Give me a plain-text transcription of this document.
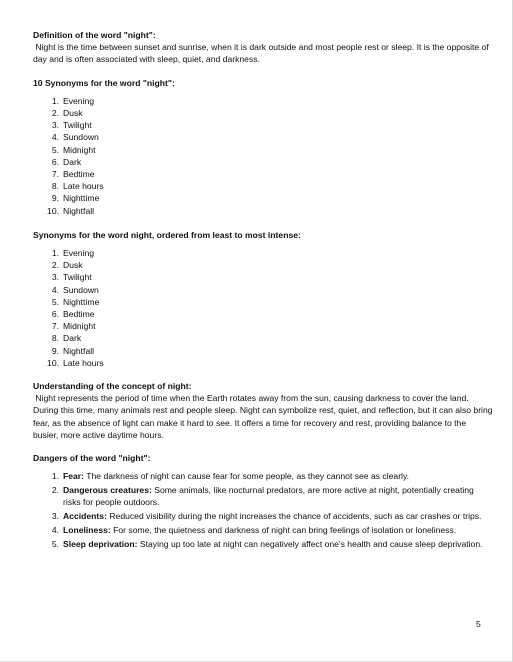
Definition of the word "night":

Night is the time between sunset and sunrise, when it is dark outside and most people rest or sleep. It is the opposite of day and is often associated with sleep, quiet, and darkness.

10 Synonyms for the word "night":
1. Evening
2. Dusk
3. Twilight
4. Sundown
5. Midnight
6. Dark
7. Bedtime
8. Late hours
9. Nighttime
10. Nightfall
Synonyms for the word night, ordered from least to most intense:
1. Evening
2. Dusk
3. Twilight
4. Sundown
5. Nighttime
6. Bedtime
7. Midnight
8. Dark
9. Nightfall
10. Late hours
Understanding of the concept of night:

Night represents the period of time when the Earth rotates away from the sun, causing darkness to cover the land. During this time, many animals rest and people sleep. Night can symbolize rest, quiet, and reflection, but it can also bring fear, as the absence of light can make it hard to see. It offers a time for recovery and rest, providing balance to the busier, more active daytime hours.

Dangers of the word "night":
1. Fear: The darkness of night can cause fear for some people, as they cannot see as clearly.
2. Dangerous creatures: Some animals, like nocturnal predators, are more active at night, potentially creating risks for people outdoors.
3. Accidents: Reduced visibility during the night increases the chance of accidents, such as car crashes or trips.
4. Loneliness: For some, the quietness and darkness of night can bring feelings of isolation or loneliness.
5. Sleep deprivation: Staying up too late at night can negatively affect one's health and cause sleep deprivation.
5
